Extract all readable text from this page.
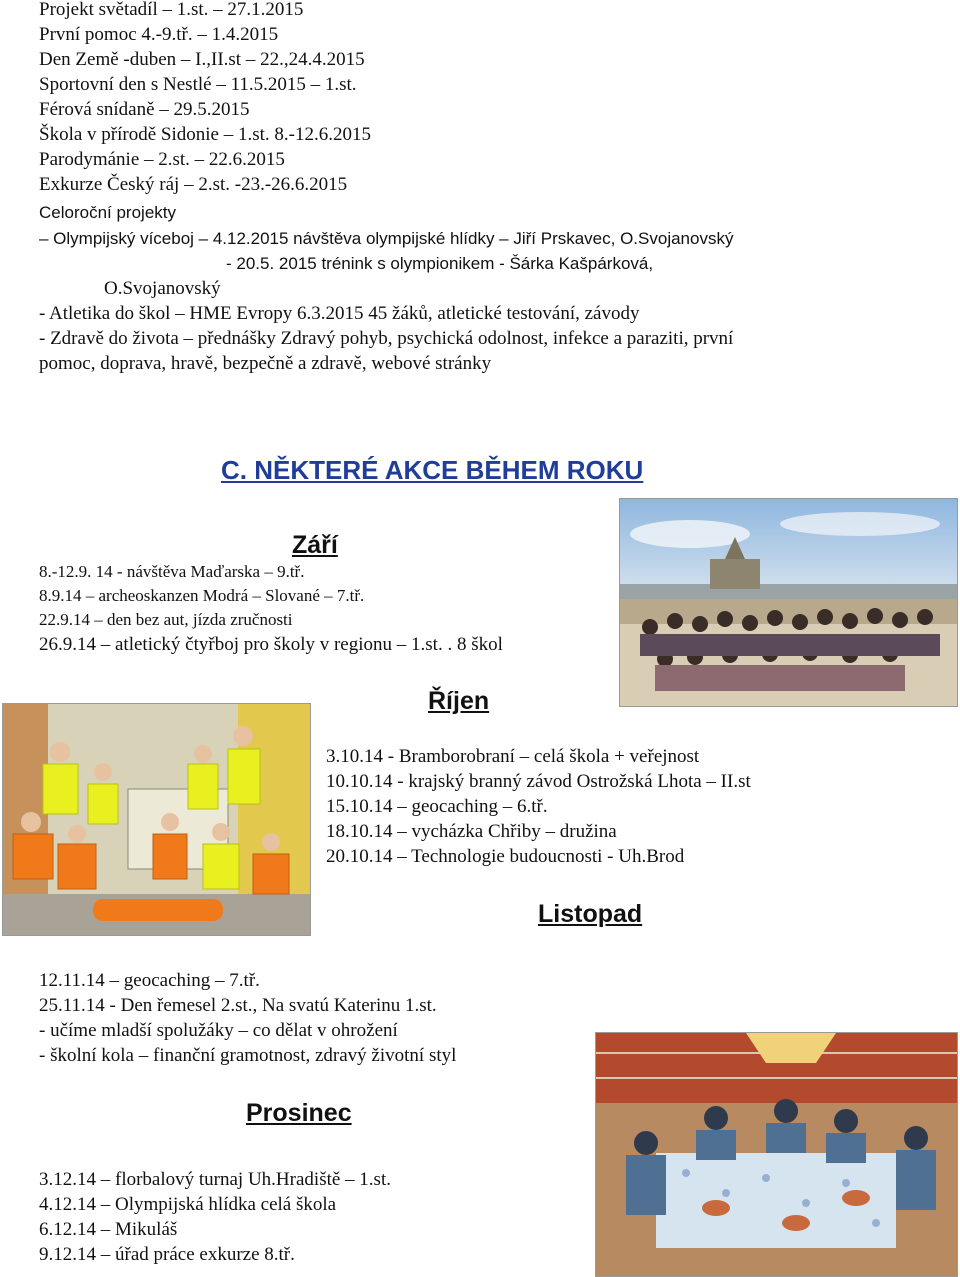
Projekt světadíl – 1.st. – 27.1.2015
První pomoc 4.-9.tř. – 1.4.2015
Den Země -duben – I.,II.st – 22.,24.4.2015
Sportovní den s Nestlé – 11.5.2015 – 1.st.
Férová snídaně – 29.5.2015
Škola v přírodě Sidonie – 1.st. 8.-12.6.2015
Parodymánie – 2.st. – 22.6.2015
Exkurze Český ráj – 2.st. -23.-26.6.2015
Celoroční projekty
– Olympijský víceboj – 4.12.2015 návštěva olympijské hlídky – Jiří Prskavec, O.Svojanovský
- 20.5. 2015 trénink s olympionikem - Šárka Kašpárková,
O.Svojanovský
- Atletika do škol – HME Evropy 6.3.2015 45 žáků, atletické testování, závody
- Zdravě do života – přednášky Zdravý pohyb, psychická odolnost, infekce a paraziti, první
pomoc, doprava, hravě, bezpečně a zdravě, webové stránky
C. NĚKTERÉ AKCE BĚHEM ROKU
Září
8.-12.9. 14 - návštěva Maďarska – 9.tř.
8.9.14 – archeoskanzen Modrá – Slované – 7.tř.
22.9.14 – den bez aut, jízda zručnosti
26.9.14 – atletický čtyřboj pro školy v regionu – 1.st. . 8 škol
Říjen
3.10.14 - Bramborobraní – celá škola + veřejnost
10.10.14 - krajský branný závod Ostrožská Lhota – II.st
15.10.14 – geocaching – 6.tř.
18.10.14 – vycházka Chřiby – družina
20.10.14 – Technologie budoucnosti - Uh.Brod
Listopad
12.11.14 – geocaching – 7.tř.
25.11.14 - Den řemesel 2.st., Na svatú Katerinu 1.st.
- učíme mladší spolužáky – co dělat v ohrožení
- školní kola – finanční gramotnost, zdravý životní styl
Prosinec
3.12.14 – florbalový turnaj Uh.Hradiště – 1.st.
4.12.14 – Olympijská hlídka celá škola
6.12.14 – Mikuláš
9.12.14 – úřad práce exkurze 8.tř.
